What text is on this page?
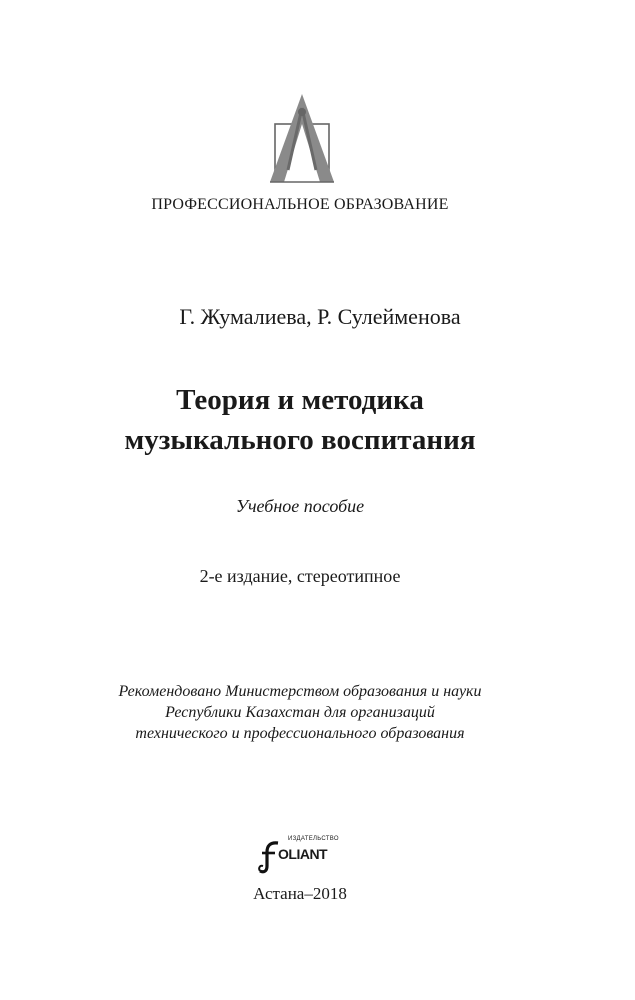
ПРОФЕССИОНАЛЬНОЕ ОБРАЗОВАНИЕ
Г. Жумалиева, Р. Сулейменова
Теория и методика
музыкального воспитания
Учебное пособие
2-е издание, стереотипное
Рекомендовано Министерством образования и науки
Республики Казахстан для организаций
технического и профессионального образования
ИЗДАТЕЛЬСТВО
OLIANT
Астана–2018
